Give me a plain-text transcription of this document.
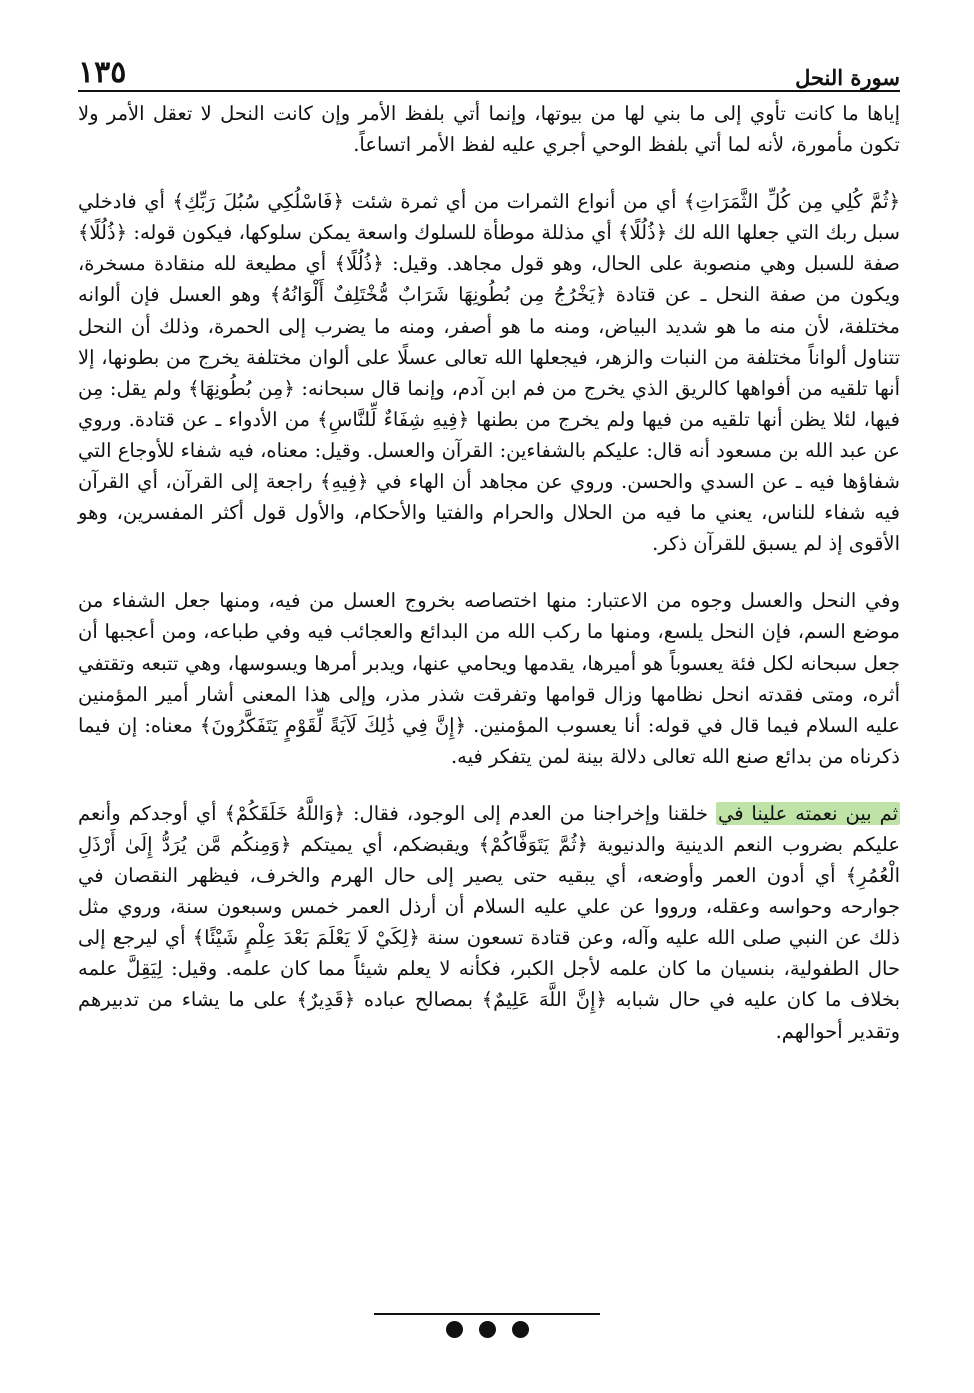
١٣٥	سورة النحل

إياها ما كانت تأوي إلى ما بني لها من بيوتها، وإنما أتي بلفظ الأمر وإن كانت النحل لا تعقل الأمر ولا تكون مأمورة، لأنه لما أتي بلفظ الوحي أجري عليه لفظ الأمر اتساعاً.

﴿ثُمَّ كُلِي مِن كُلِّ الثَّمَرَاتِ﴾ أي من أنواع الثمرات من أي ثمرة شئت ﴿فَاسْلُكِي سُبُلَ رَبِّكِ﴾ أي فادخلي سبل ربك التي جعلها الله لك ﴿ذُلُلًا﴾ أي مذللة موطأة للسلوك واسعة يمكن سلوكها، فيكون قوله: ﴿ذُلُلًا﴾ صفة للسبل وهي منصوبة على الحال، وهو قول مجاهد. وقيل: ﴿ذُلُلًا﴾ أي مطيعة لله منقادة مسخرة، ويكون من صفة النحل ـ عن قتادة ﴿يَخْرُجُ مِن بُطُونِهَا شَرَابٌ مُّخْتَلِفٌ أَلْوَانُهُ﴾ وهو العسل فإن ألوانه مختلفة، لأن منه ما هو شديد البياض، ومنه ما هو أصفر، ومنه ما يضرب إلى الحمرة، وذلك أن النحل تتناول ألواناً مختلفة من النبات والزهر، فيجعلها الله تعالى عسلًا على ألوان مختلفة يخرج من بطونها، إلا أنها تلقيه من أفواهها كالريق الذي يخرج من فم ابن آدم، وإنما قال سبحانه: ﴿مِن بُطُونِهَا﴾ ولم يقل: مِن فيها، لئلا يظن أنها تلقيه من فيها ولم يخرج من بطنها ﴿فِيهِ شِفَاءٌ لِّلنَّاسِ﴾ من الأدواء ـ عن قتادة. وروي عن عبد الله بن مسعود أنه قال: عليكم بالشفاءين: القرآن والعسل. وقيل: معناه، فيه شفاء للأوجاع التي شفاؤها فيه ـ عن السدي والحسن. وروي عن مجاهد أن الهاء في ﴿فِيهِ﴾ راجعة إلى القرآن، أي القرآن فيه شفاء للناس، يعني ما فيه من الحلال والحرام والفتيا والأحكام، والأول قول أكثر المفسرين، وهو الأقوى إذ لم يسبق للقرآن ذكر.

وفي النحل والعسل وجوه من الاعتبار: منها اختصاصه بخروج العسل من فيه، ومنها جعل الشفاء من موضع السم، فإن النحل يلسع، ومنها ما ركب الله من البدائع والعجائب فيه وفي طباعه، ومن أعجبها أن جعل سبحانه لكل فئة يعسوباً هو أميرها، يقدمها ويحامي عنها، ويدبر أمرها ويسوسها، وهي تتبعه وتقتفي أثره، ومتى فقدته انحل نظامها وزال قوامها وتفرقت شذر مذر، وإلى هذا المعنى أشار أمير المؤمنين عليه السلام فيما قال في قوله: أنا يعسوب المؤمنين. ﴿إِنَّ فِي ذَٰلِكَ لَآيَةً لِّقَوْمٍ يَتَفَكَّرُونَ﴾ معناه: إن فيما ذكرناه من بدائع صنع الله تعالى دلالة بينة لمن يتفكر فيه.

ثم بين نعمته علينا في خلقنا وإخراجنا من العدم إلى الوجود، فقال: ﴿وَاللَّهُ خَلَقَكُمْ﴾ أي أوجدكم وأنعم عليكم بضروب النعم الدينية والدنيوية ﴿ثُمَّ يَتَوَفَّاكُمْ﴾ ويقبضكم، أي يميتكم ﴿وَمِنكُم مَّن يُرَدُّ إِلَىٰ أَرْذَلِ الْعُمُرِ﴾ أي أدون العمر وأوضعه، أي يبقيه حتى يصير إلى حال الهرم والخرف، فيظهر النقصان في جوارحه وحواسه وعقله، ورووا عن علي عليه السلام أن أرذل العمر خمس وسبعون سنة، وروي مثل ذلك عن النبي صلى الله عليه وآله، وعن قتادة تسعون سنة ﴿لِكَيْ لَا يَعْلَمَ بَعْدَ عِلْمٍ شَيْئًا﴾ أي ليرجع إلى حال الطفولية، بنسيان ما كان علمه لأجل الكبر، فكأنه لا يعلم شيئاً مما كان علمه. وقيل: لِيَقِلَّ علمه بخلاف ما كان عليه في حال شبابه ﴿إِنَّ اللَّهَ عَلِيمٌ﴾ بمصالح عباده ﴿قَدِيرٌ﴾ على ما يشاء من تدبيرهم وتقدير أحوالهم.
